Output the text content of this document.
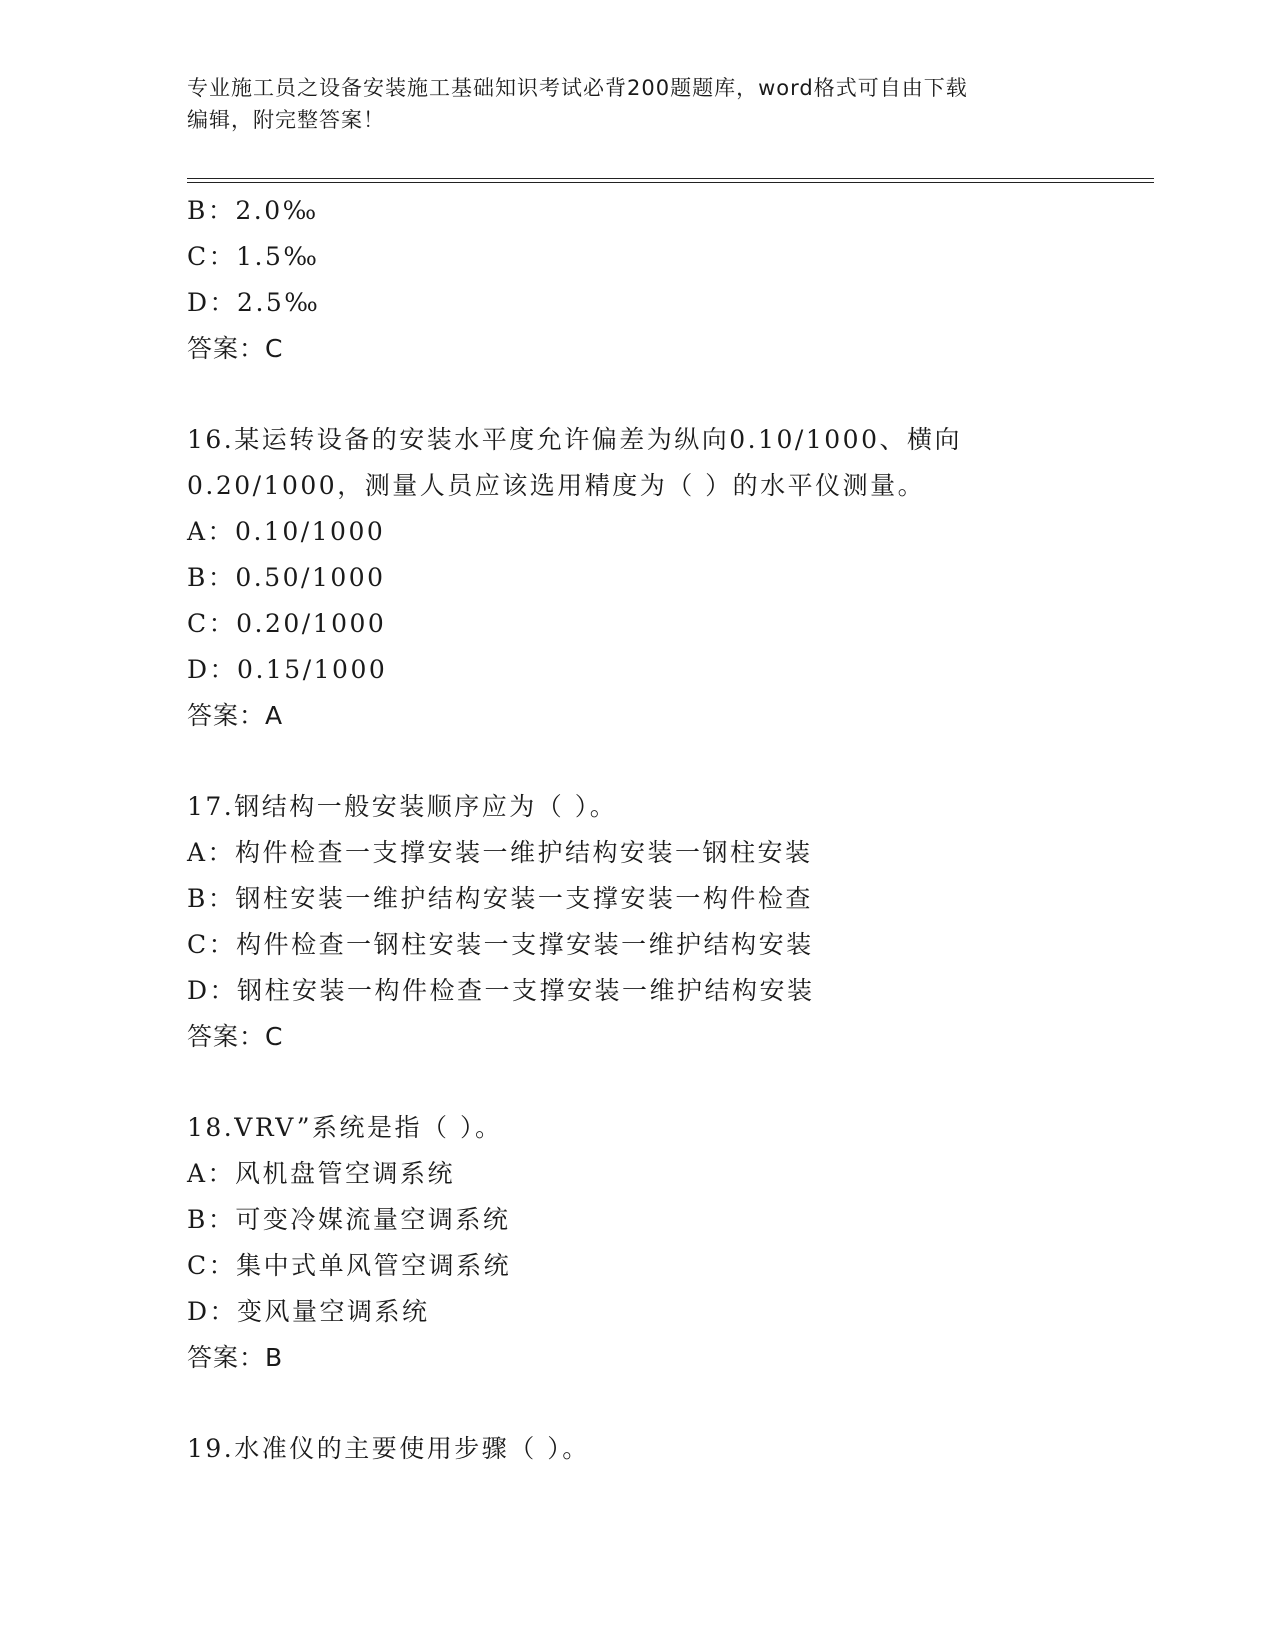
专业施工员之设备安装施工基础知识考试必背200题题库，word格式可自由下载
编辑，附完整答案！
B：2.0‰
C：1.5‰
D：2.5‰
答案：C
16.某运转设备的安装水平度允许偏差为纵向0.10/1000、横向
0.20/1000，测量人员应该选用精度为（ ）的水平仪测量。
A：0.10/1000
B：0.50/1000
C：0.20/1000
D：0.15/1000
答案：A
17.钢结构一般安装顺序应为（ ）。
A：构件检查一支撑安装一维护结构安装一钢柱安装
B：钢柱安装一维护结构安装一支撑安装一构件检查
C：构件检查一钢柱安装一支撑安装一维护结构安装
D：钢柱安装一构件检查一支撑安装一维护结构安装
答案：C
18.VRV”系统是指（ ）。
A：风机盘管空调系统
B：可变冷媒流量空调系统
C：集中式单风管空调系统
D：变风量空调系统
答案：B
19.水准仪的主要使用步骤（ ）。
